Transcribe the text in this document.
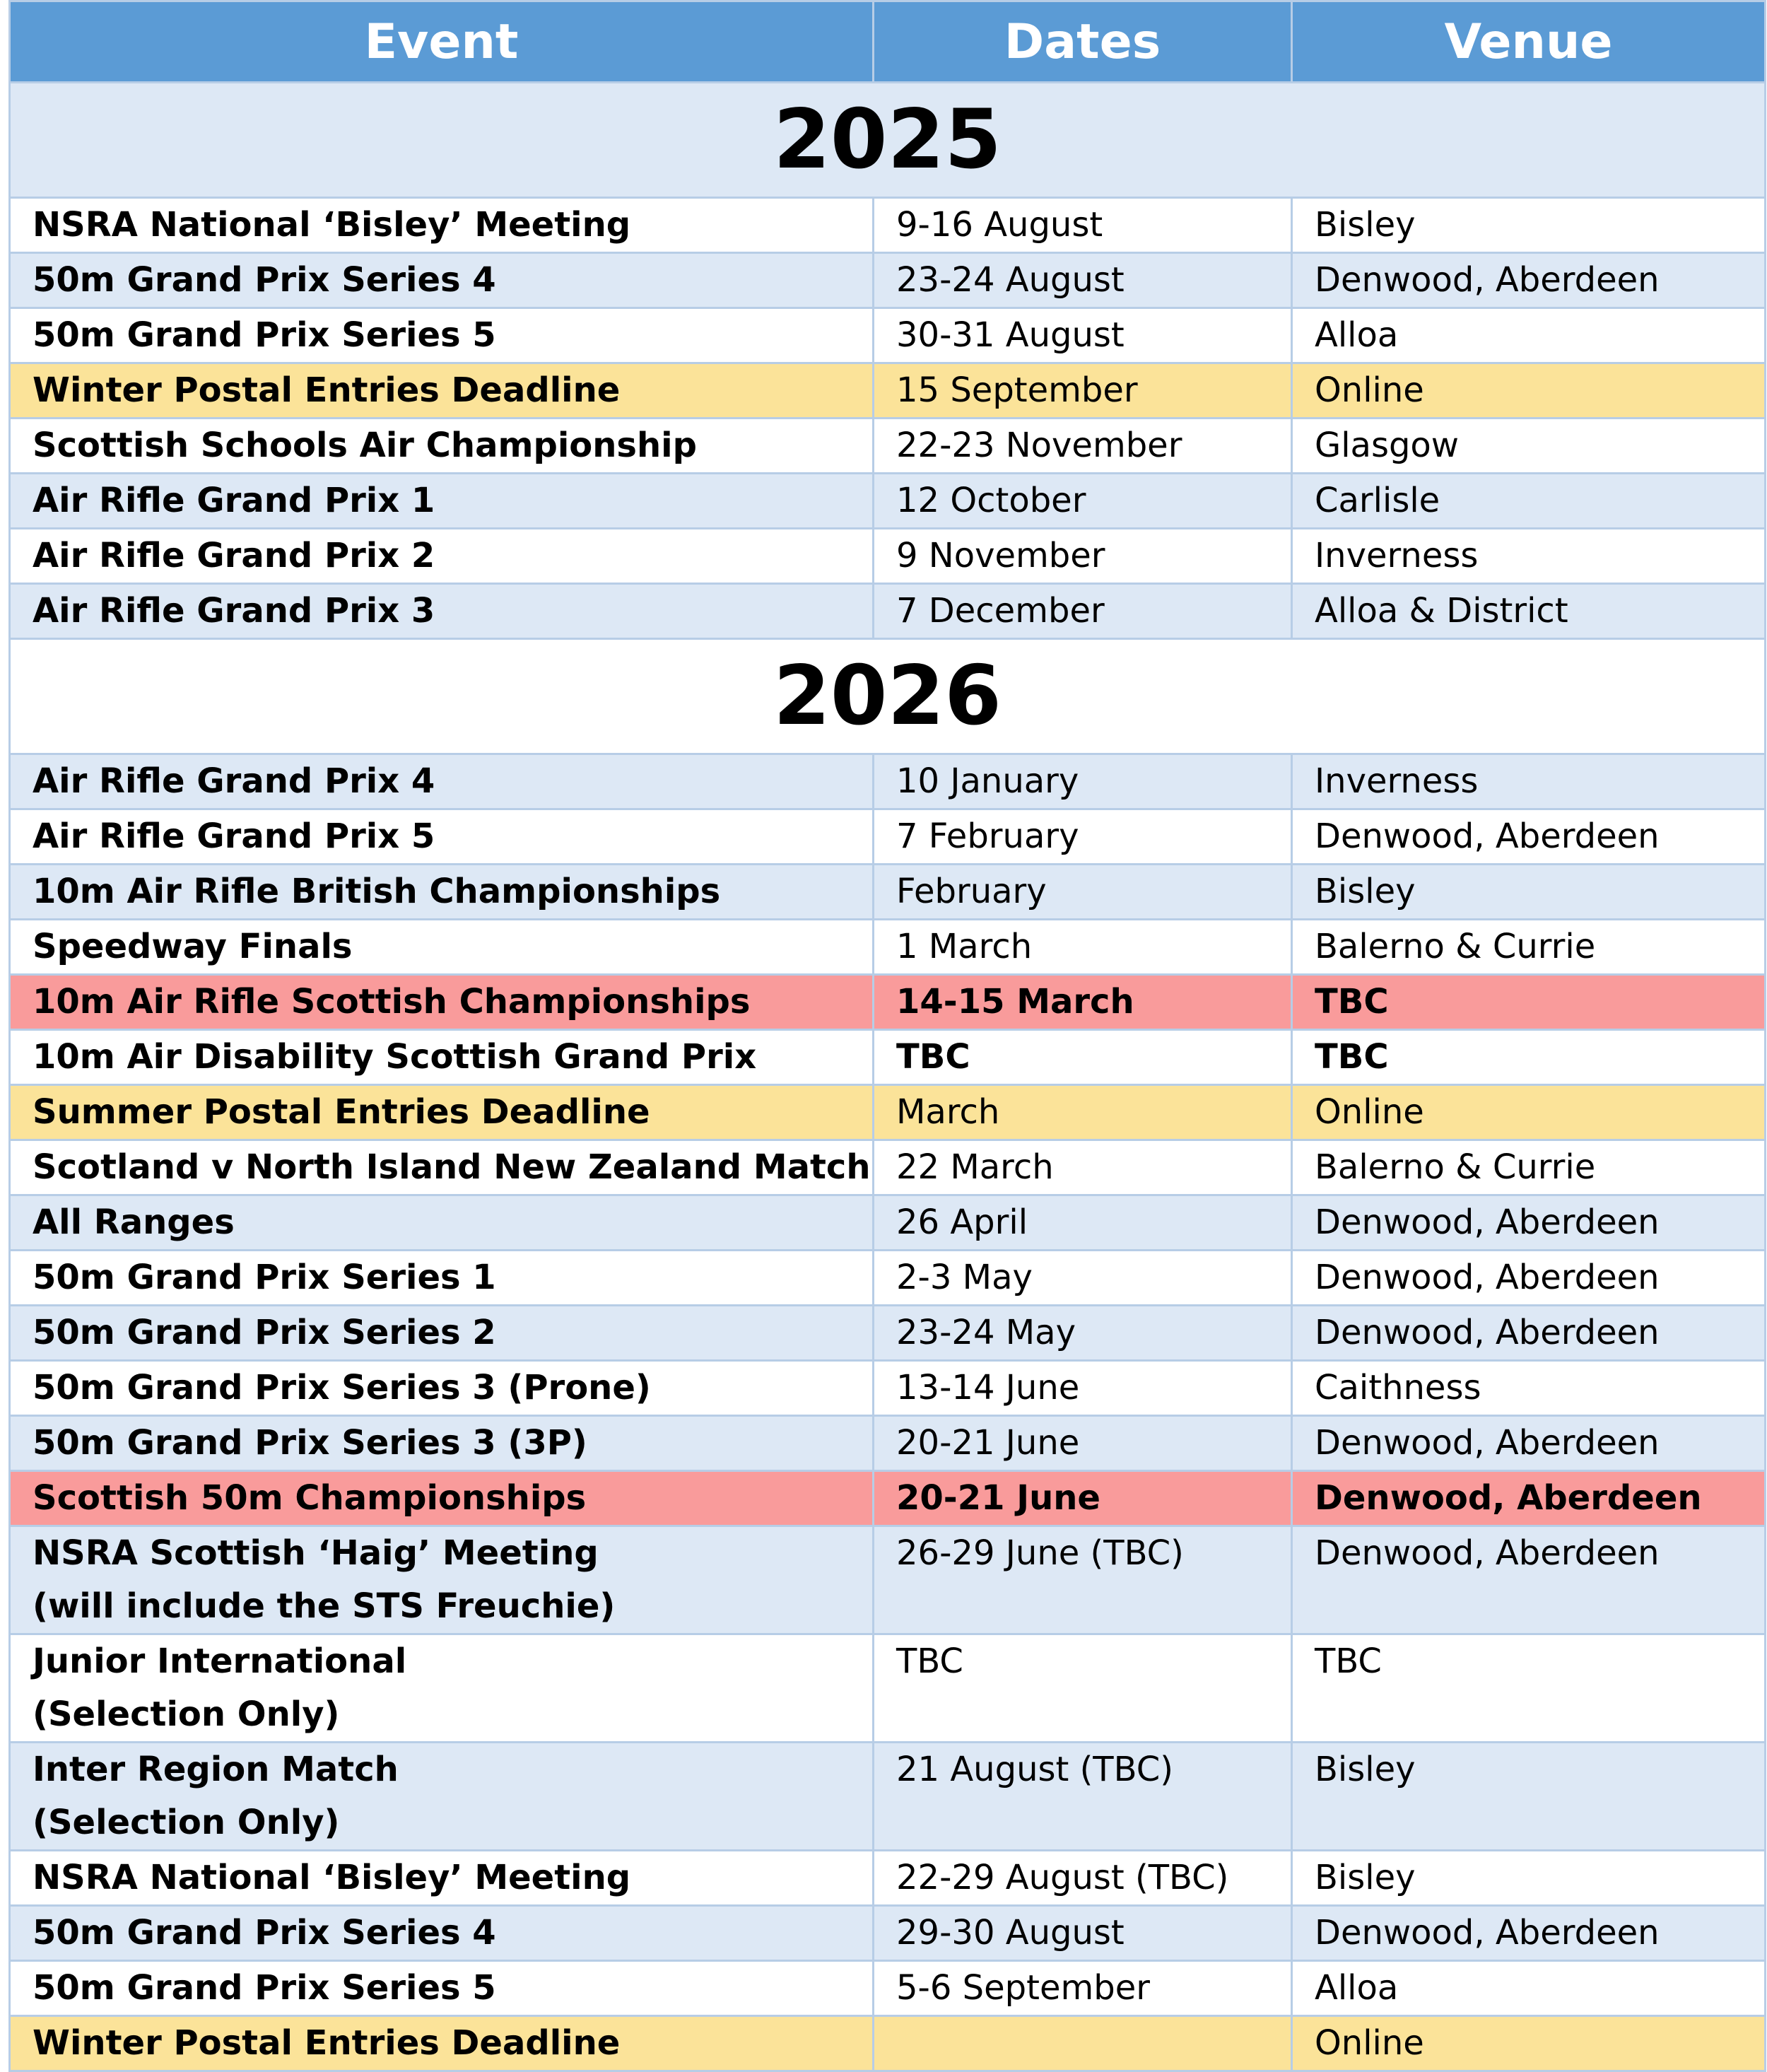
Event	Dates	Venue
2025		
NSRA National ‘Bisley’ Meeting	9-16 August	Bisley
50m Grand Prix Series 4	23-24 August	Denwood, Aberdeen
50m Grand Prix Series 5	30-31 August	Alloa
Winter Postal Entries Deadline	15 September	Online
Scottish Schools Air Championship	22-23 November	Glasgow
Air Rifle Grand Prix 1	12 October	Carlisle
Air Rifle Grand Prix 2	9 November	Inverness
Air Rifle Grand Prix 3	7 December	Alloa & District
2026		
Air Rifle Grand Prix 4	10 January	Inverness
Air Rifle Grand Prix 5	7 February	Denwood, Aberdeen
10m Air Rifle British Championships	February	Bisley
Speedway Finals	1 March	Balerno & Currie
10m Air Rifle Scottish Championships	14-15 March	TBC
10m Air Disability Scottish Grand Prix	TBC	TBC
Summer Postal Entries Deadline	March	Online
Scotland v North Island New Zealand Match	22 March	Balerno & Currie
All Ranges	26 April	Denwood, Aberdeen
50m Grand Prix Series 1	2-3 May	Denwood, Aberdeen
50m Grand Prix Series 2	23-24 May	Denwood, Aberdeen
50m Grand Prix Series 3 (Prone)	13-14 June	Caithness
50m Grand Prix Series 3 (3P)	20-21 June	Denwood, Aberdeen
Scottish 50m Championships	20-21 June	Denwood, Aberdeen

NSRA Scottish ‘Haig’ Meeting
(will include the STS Freuchie)	26-29 June (TBC)	Denwood, Aberdeen

Junior International
(Selection Only)	TBC	TBC

Inter Region Match
(Selection Only)	21 August (TBC)	Bisley
NSRA National ‘Bisley’ Meeting	22-29 August (TBC)	Bisley
50m Grand Prix Series 4	29-30 August	Denwood, Aberdeen
50m Grand Prix Series 5	5-6 September	Alloa
Winter Postal Entries Deadline		Online
